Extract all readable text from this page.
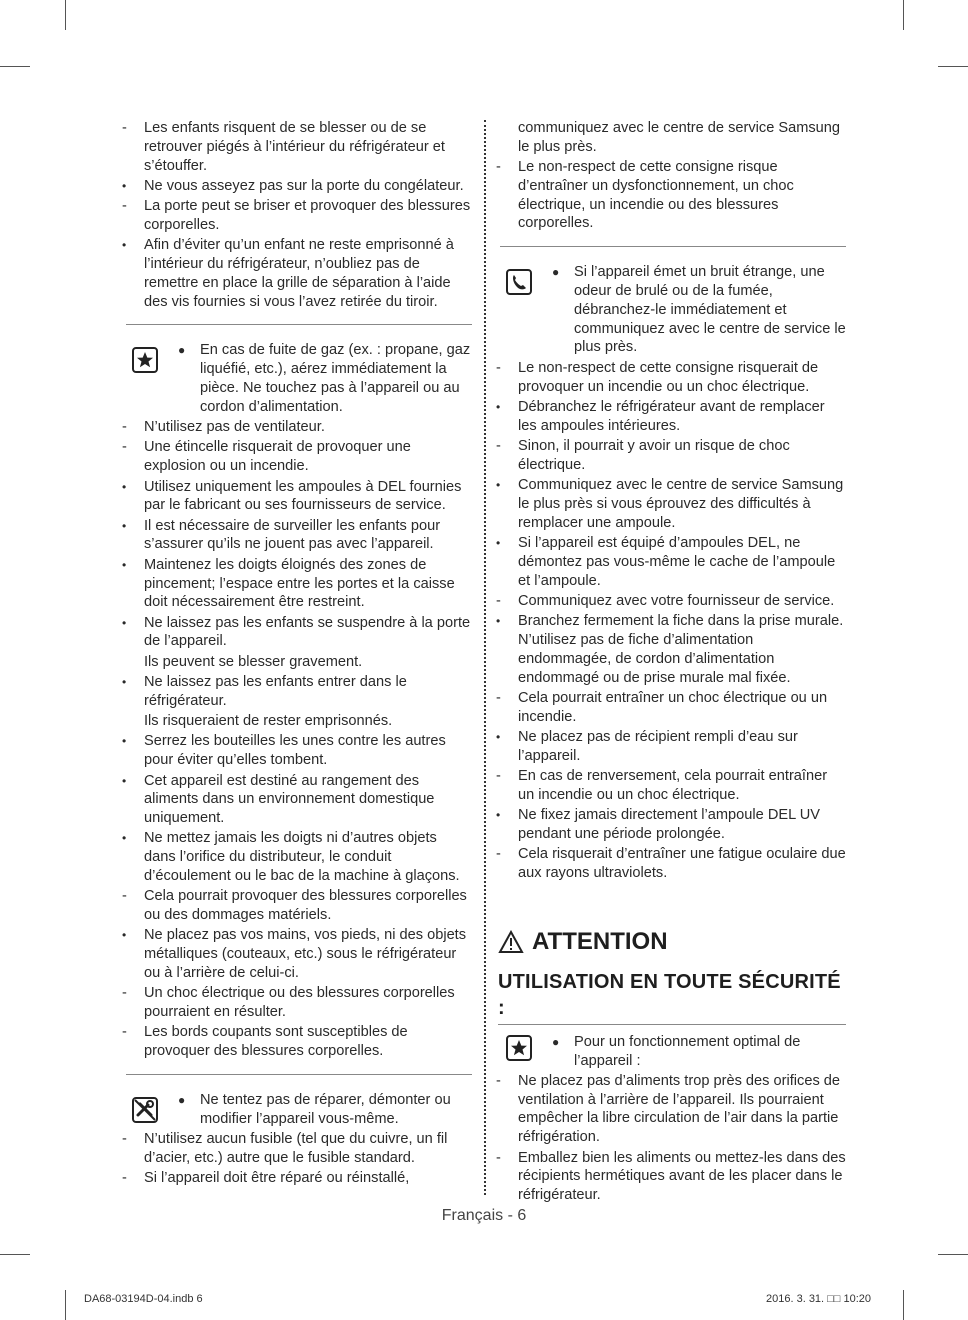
-	Les enfants risquent de se blesser ou de se retrouver piégés à l’intérieur du réfrigérateur et s’étouffer.

•	Ne vous asseyez pas sur la porte du congélateur.

-	La porte peut se briser et provoquer des blessures corporelles.

•	Afin d’éviter qu’un enfant ne reste emprisonné à l’intérieur du réfrigérateur, n’oubliez pas de remettre en place la grille de séparation à l’aide des vis fournies si vous l’avez retirée du tiroir.

● En cas de fuite de gaz (ex. : propane, gaz liquéfié, etc.), aérez immédiatement la pièce. Ne touchez pas à l’appareil ou au cordon d’alimentation.

-	N’utilisez pas de ventilateur.

-	Une étincelle risquerait de provoquer une explosion ou un incendie.

•	Utilisez uniquement les ampoules à DEL fournies par le fabricant ou ses fournisseurs de service.

•	Il est nécessaire de surveiller les enfants pour s’assurer qu’ils ne jouent pas avec l’appareil.

•	Maintenez les doigts éloignés des zones de pincement; l’espace entre les portes et la caisse doit nécessairement être restreint.

•	Ne laissez pas les enfants se suspendre à la porte de l’appareil.

Ils peuvent se blesser gravement.

•	Ne laissez pas les enfants entrer dans le réfrigérateur.

Ils risqueraient de rester emprisonnés.

•	Serrez les bouteilles les unes contre les autres pour éviter qu’elles tombent.

•	Cet appareil est destiné au rangement des aliments dans un environnement domestique uniquement.

•	Ne mettez jamais les doigts ni d’autres objets dans l’orifice du distributeur, le conduit d’écoulement ou le bac de la machine à glaçons.

-	Cela pourrait provoquer des blessures corporelles ou des dommages matériels.

•	Ne placez pas vos mains, vos pieds, ni des objets métalliques (couteaux, etc.) sous le réfrigérateur ou à l’arrière de celui-ci.

-	Un choc électrique ou des blessures corporelles pourraient en résulter.

-	Les bords coupants sont susceptibles de provoquer des blessures corporelles.

● Ne tentez pas de réparer, démonter ou modifier l’appareil vous-même.

-	N’utilisez aucun fusible (tel que du cuivre, un fil d’acier, etc.) autre que le fusible standard.

-	Si l’appareil doit être réparé ou réinstallé,

communiquez avec le centre de service Samsung le plus près.

-	Le non-respect de cette consigne risque d’entraîner un dysfonctionnement, un choc électrique, un incendie ou des blessures corporelles.

● Si l’appareil émet un bruit étrange, une odeur de brulé ou de la fumée, débranchez-le immédiatement et communiquez avec le centre de service le plus près.

-	Le non-respect de cette consigne risquerait de provoquer un incendie ou un choc électrique.

•	Débranchez le réfrigérateur avant de remplacer les ampoules intérieures.

-	Sinon, il pourrait y avoir un risque de choc électrique.

•	Communiquez avec le centre de service Samsung le plus près si vous éprouvez des difficultés à remplacer une ampoule.

•	Si l’appareil est équipé d’ampoules DEL, ne démontez pas vous-même le cache de l’ampoule et l’ampoule.

-	Communiquez avec votre fournisseur de service.

•	Branchez fermement la fiche dans la prise murale. N’utilisez pas de fiche d’alimentation endommagée, de cordon d’alimentation endommagé ou de prise murale mal fixée.

-	Cela pourrait entraîner un choc électrique ou un incendie.

•	Ne placez pas de récipient rempli d’eau sur l’appareil.

-	En cas de renversement, cela pourrait entraîner un incendie ou un choc électrique.

•	Ne fixez jamais directement l’ampoule DEL UV pendant une période prolongée.

-	Cela risquerait d’entraîner une fatigue oculaire due aux rayons ultraviolets.

ATTENTION
UTILISATION EN TOUTE SÉCURITÉ :
● Pour un fonctionnement optimal de l’appareil :

-	Ne placez pas d’aliments trop près des orifices de ventilation à l’arrière de l’appareil. Ils pourraient empêcher la libre circulation de l’air dans la partie réfrigération.

-	Emballez bien les aliments ou mettez-les dans des récipients hermétiques avant de les placer dans le réfrigérateur.

Français - 6
DA68-03194D-04.indb 6	2016. 3. 31. □□ 10:20
